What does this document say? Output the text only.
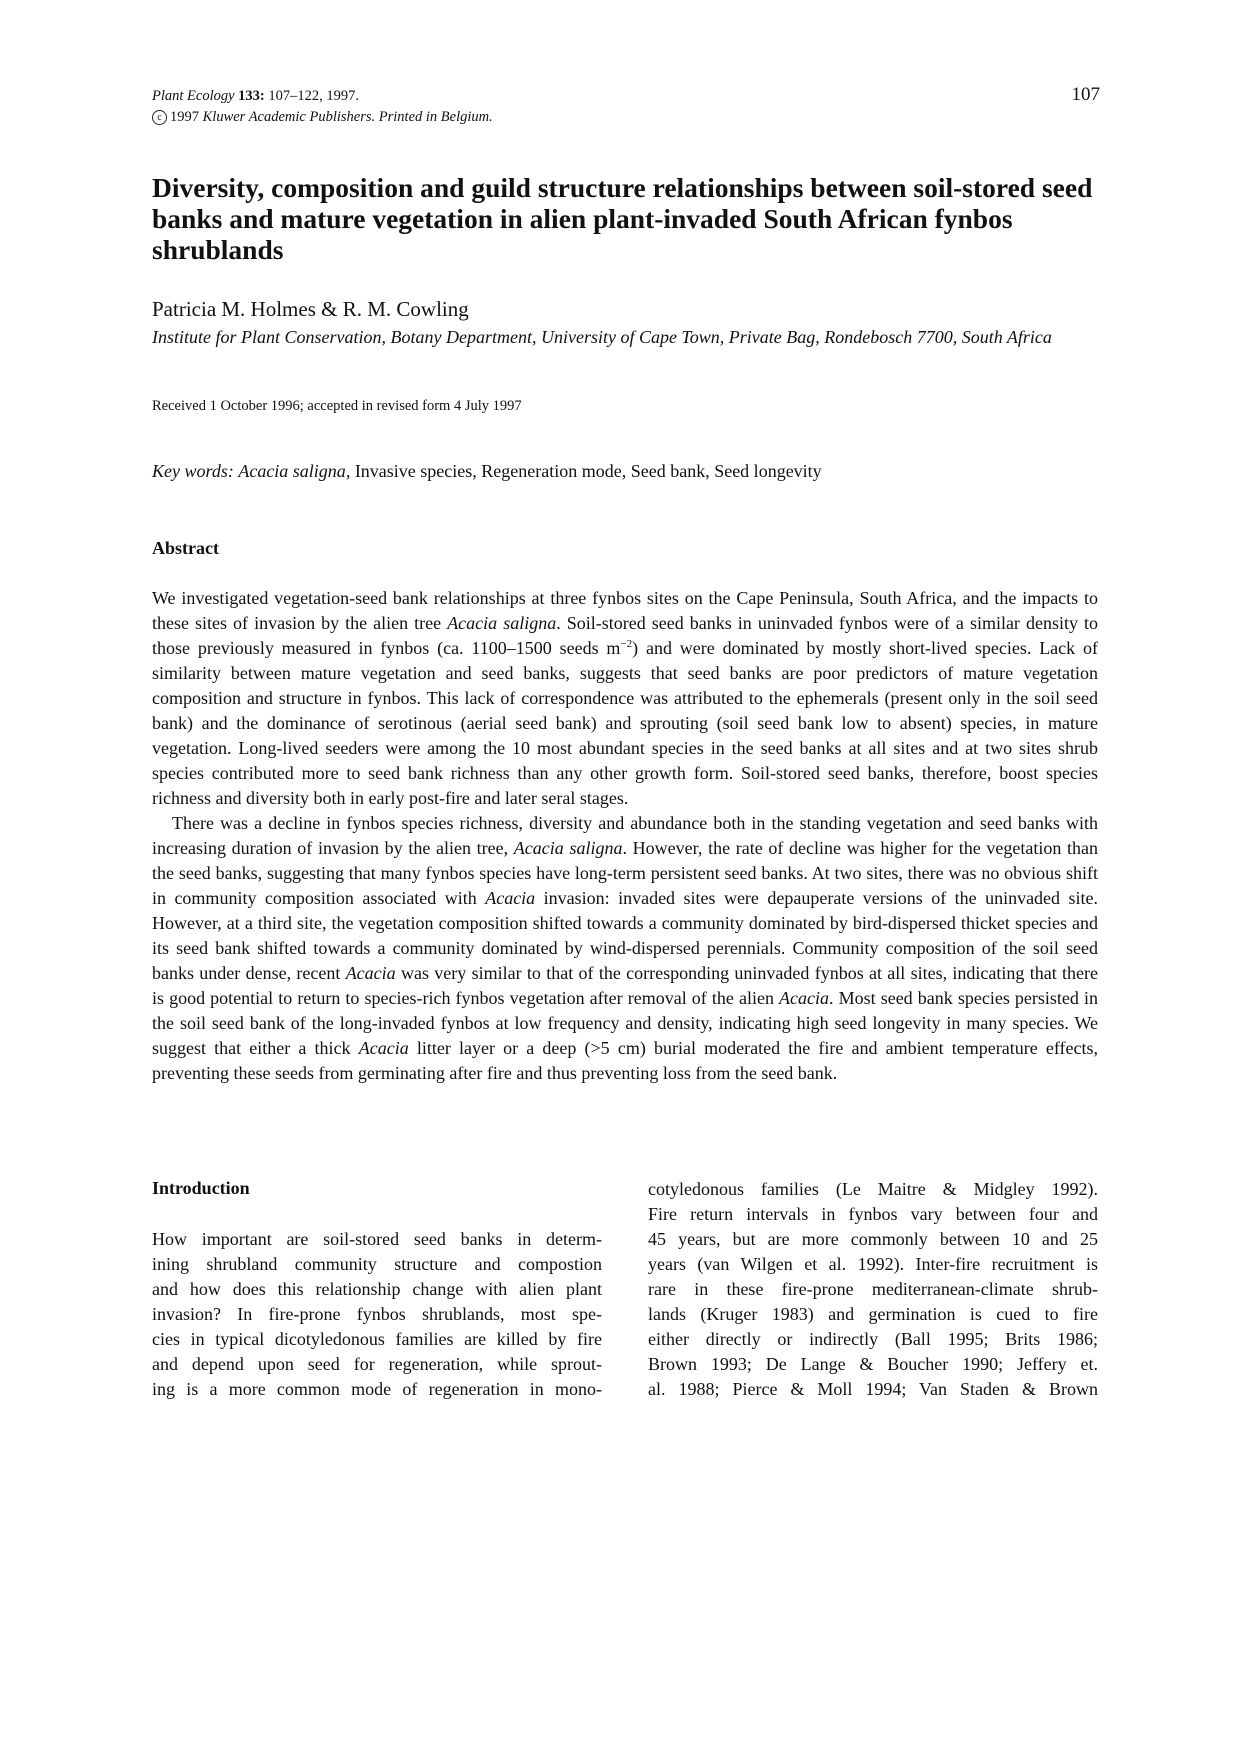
Plant Ecology 133: 107–122, 1997.
c 1997 Kluwer Academic Publishers. Printed in Belgium.
107
Diversity, composition and guild structure relationships between soil-stored seed banks and mature vegetation in alien plant-invaded South African fynbos shrublands
Patricia M. Holmes & R. M. Cowling
Institute for Plant Conservation, Botany Department, University of Cape Town, Private Bag, Rondebosch 7700, South Africa
Received 1 October 1996; accepted in revised form 4 July 1997
Key words: Acacia saligna, Invasive species, Regeneration mode, Seed bank, Seed longevity
Abstract

We investigated vegetation-seed bank relationships at three fynbos sites on the Cape Peninsula, South Africa, and the impacts to these sites of invasion by the alien tree Acacia saligna. Soil-stored seed banks in uninvaded fynbos were of a similar density to those previously measured in fynbos (ca. 1100–1500 seeds $m^{-2}$) and were dominated by mostly short-lived species. Lack of similarity between mature vegetation and seed banks, suggests that seed banks are poor predictors of mature vegetation composition and structure in fynbos. This lack of correspondence was attributed to the ephemerals (present only in the soil seed bank) and the dominance of serotinous (aerial seed bank) and sprouting (soil seed bank low to absent) species, in mature vegetation. Long-lived seeders were among the 10 most abundant species in the seed banks at all sites and at two sites shrub species contributed more to seed bank richness than any other growth form. Soil-stored seed banks, therefore, boost species richness and diversity both in early post-fire and later seral stages.

There was a decline in fynbos species richness, diversity and abundance both in the standing vegetation and seed banks with increasing duration of invasion by the alien tree, Acacia saligna. However, the rate of decline was higher for the vegetation than the seed banks, suggesting that many fynbos species have long-term persistent seed banks. At two sites, there was no obvious shift in community composition associated with Acacia invasion: invaded sites were depauperate versions of the uninvaded site. However, at a third site, the vegetation composition shifted towards a community dominated by bird-dispersed thicket species and its seed bank shifted towards a community dominated by wind-dispersed perennials. Community composition of the soil seed banks under dense, recent Acacia was very similar to that of the corresponding uninvaded fynbos at all sites, indicating that there is good potential to return to species-rich fynbos vegetation after removal of the alien Acacia. Most seed bank species persisted in the soil seed bank of the long-invaded fynbos at low frequency and density, indicating high seed longevity in many species. We suggest that either a thick Acacia litter layer or a deep (>5 cm) burial moderated the fire and ambient temperature effects, preventing these seeds from germinating after fire and thus preventing loss from the seed bank.

Introduction
How important are soil-stored seed banks in determ-
ining shrubland community structure and compostion
and how does this relationship change with alien plant
invasion? In fire-prone fynbos shrublands, most spe-
cies in typical dicotyledonous families are killed by fire
and depend upon seed for regeneration, while sprout-
ing is a more common mode of regeneration in mono-
cotyledonous families (Le Maitre & Midgley 1992).
Fire return intervals in fynbos vary between four and
45 years, but are more commonly between 10 and 25
years (van Wilgen et al. 1992). Inter-fire recruitment is
rare in these fire-prone mediterranean-climate shrub-
lands (Kruger 1983) and germination is cued to fire
either directly or indirectly (Ball 1995; Brits 1986;
Brown 1993; De Lange & Boucher 1990; Jeffery et.
al. 1988; Pierce & Moll 1994; Van Staden & Brown
